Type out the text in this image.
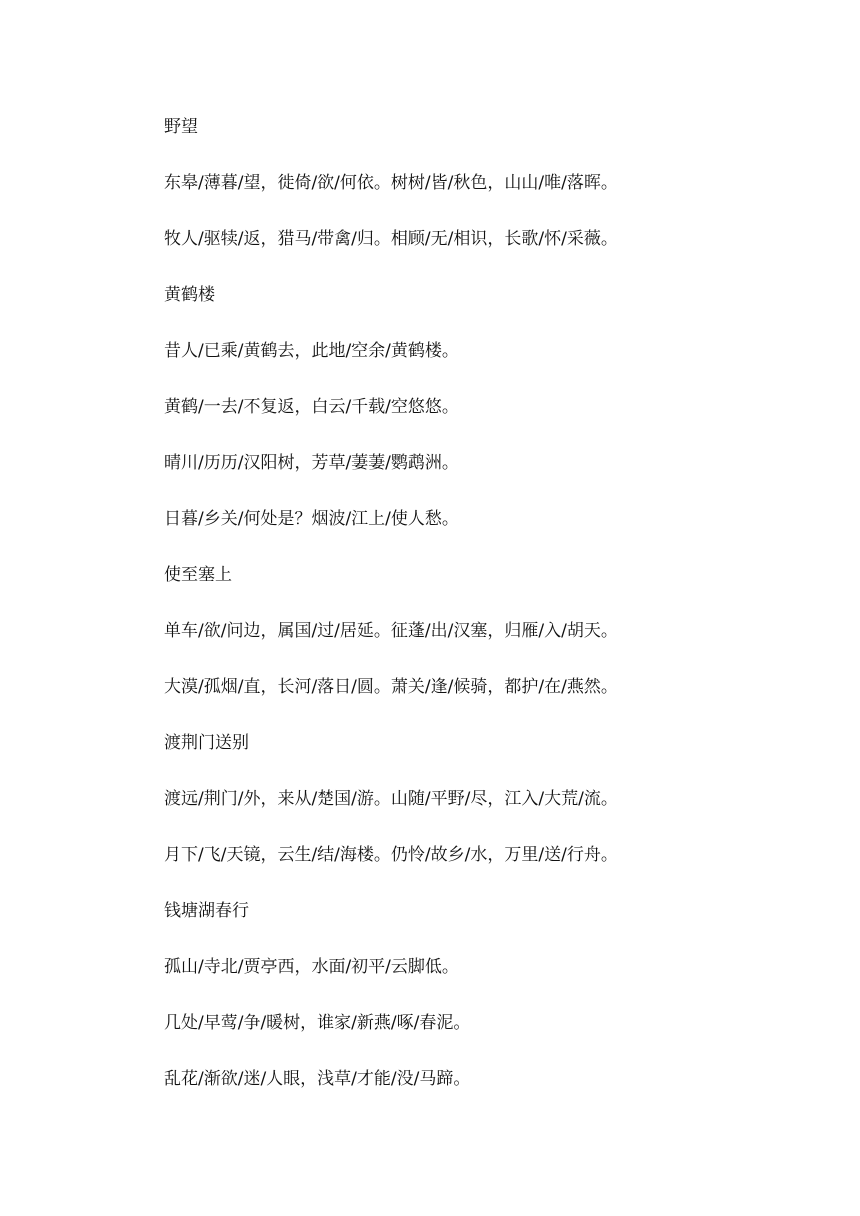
野望
东皋/薄暮/望，徙倚/欲/何依。树树/皆/秋色，山山/唯/落晖。
牧人/驱犊/返，猎马/带禽/归。相顾/无/相识，长歌/怀/采薇。
黄鹤楼
昔人/已乘/黄鹤去，此地/空余/黄鹤楼。
黄鹤/一去/不复返，白云/千载/空悠悠。
晴川/历历/汉阳树，芳草/萋萋/鹦鹉洲。
日暮/乡关/何处是？烟波/江上/使人愁。
使至塞上
单车/欲/问边，属国/过/居延。征蓬/出/汉塞，归雁/入/胡天。
大漠/孤烟/直，长河/落日/圆。萧关/逢/候骑，都护/在/燕然。
渡荆门送别
渡远/荆门/外，来从/楚国/游。山随/平野/尽，江入/大荒/流。
月下/飞/天镜，云生/结/海楼。仍怜/故乡/水，万里/送/行舟。
钱塘湖春行
孤山/寺北/贾亭西，水面/初平/云脚低。
几处/早莺/争/暖树，谁家/新燕/啄/春泥。
乱花/渐欲/迷/人眼，浅草/才能/没/马蹄。
